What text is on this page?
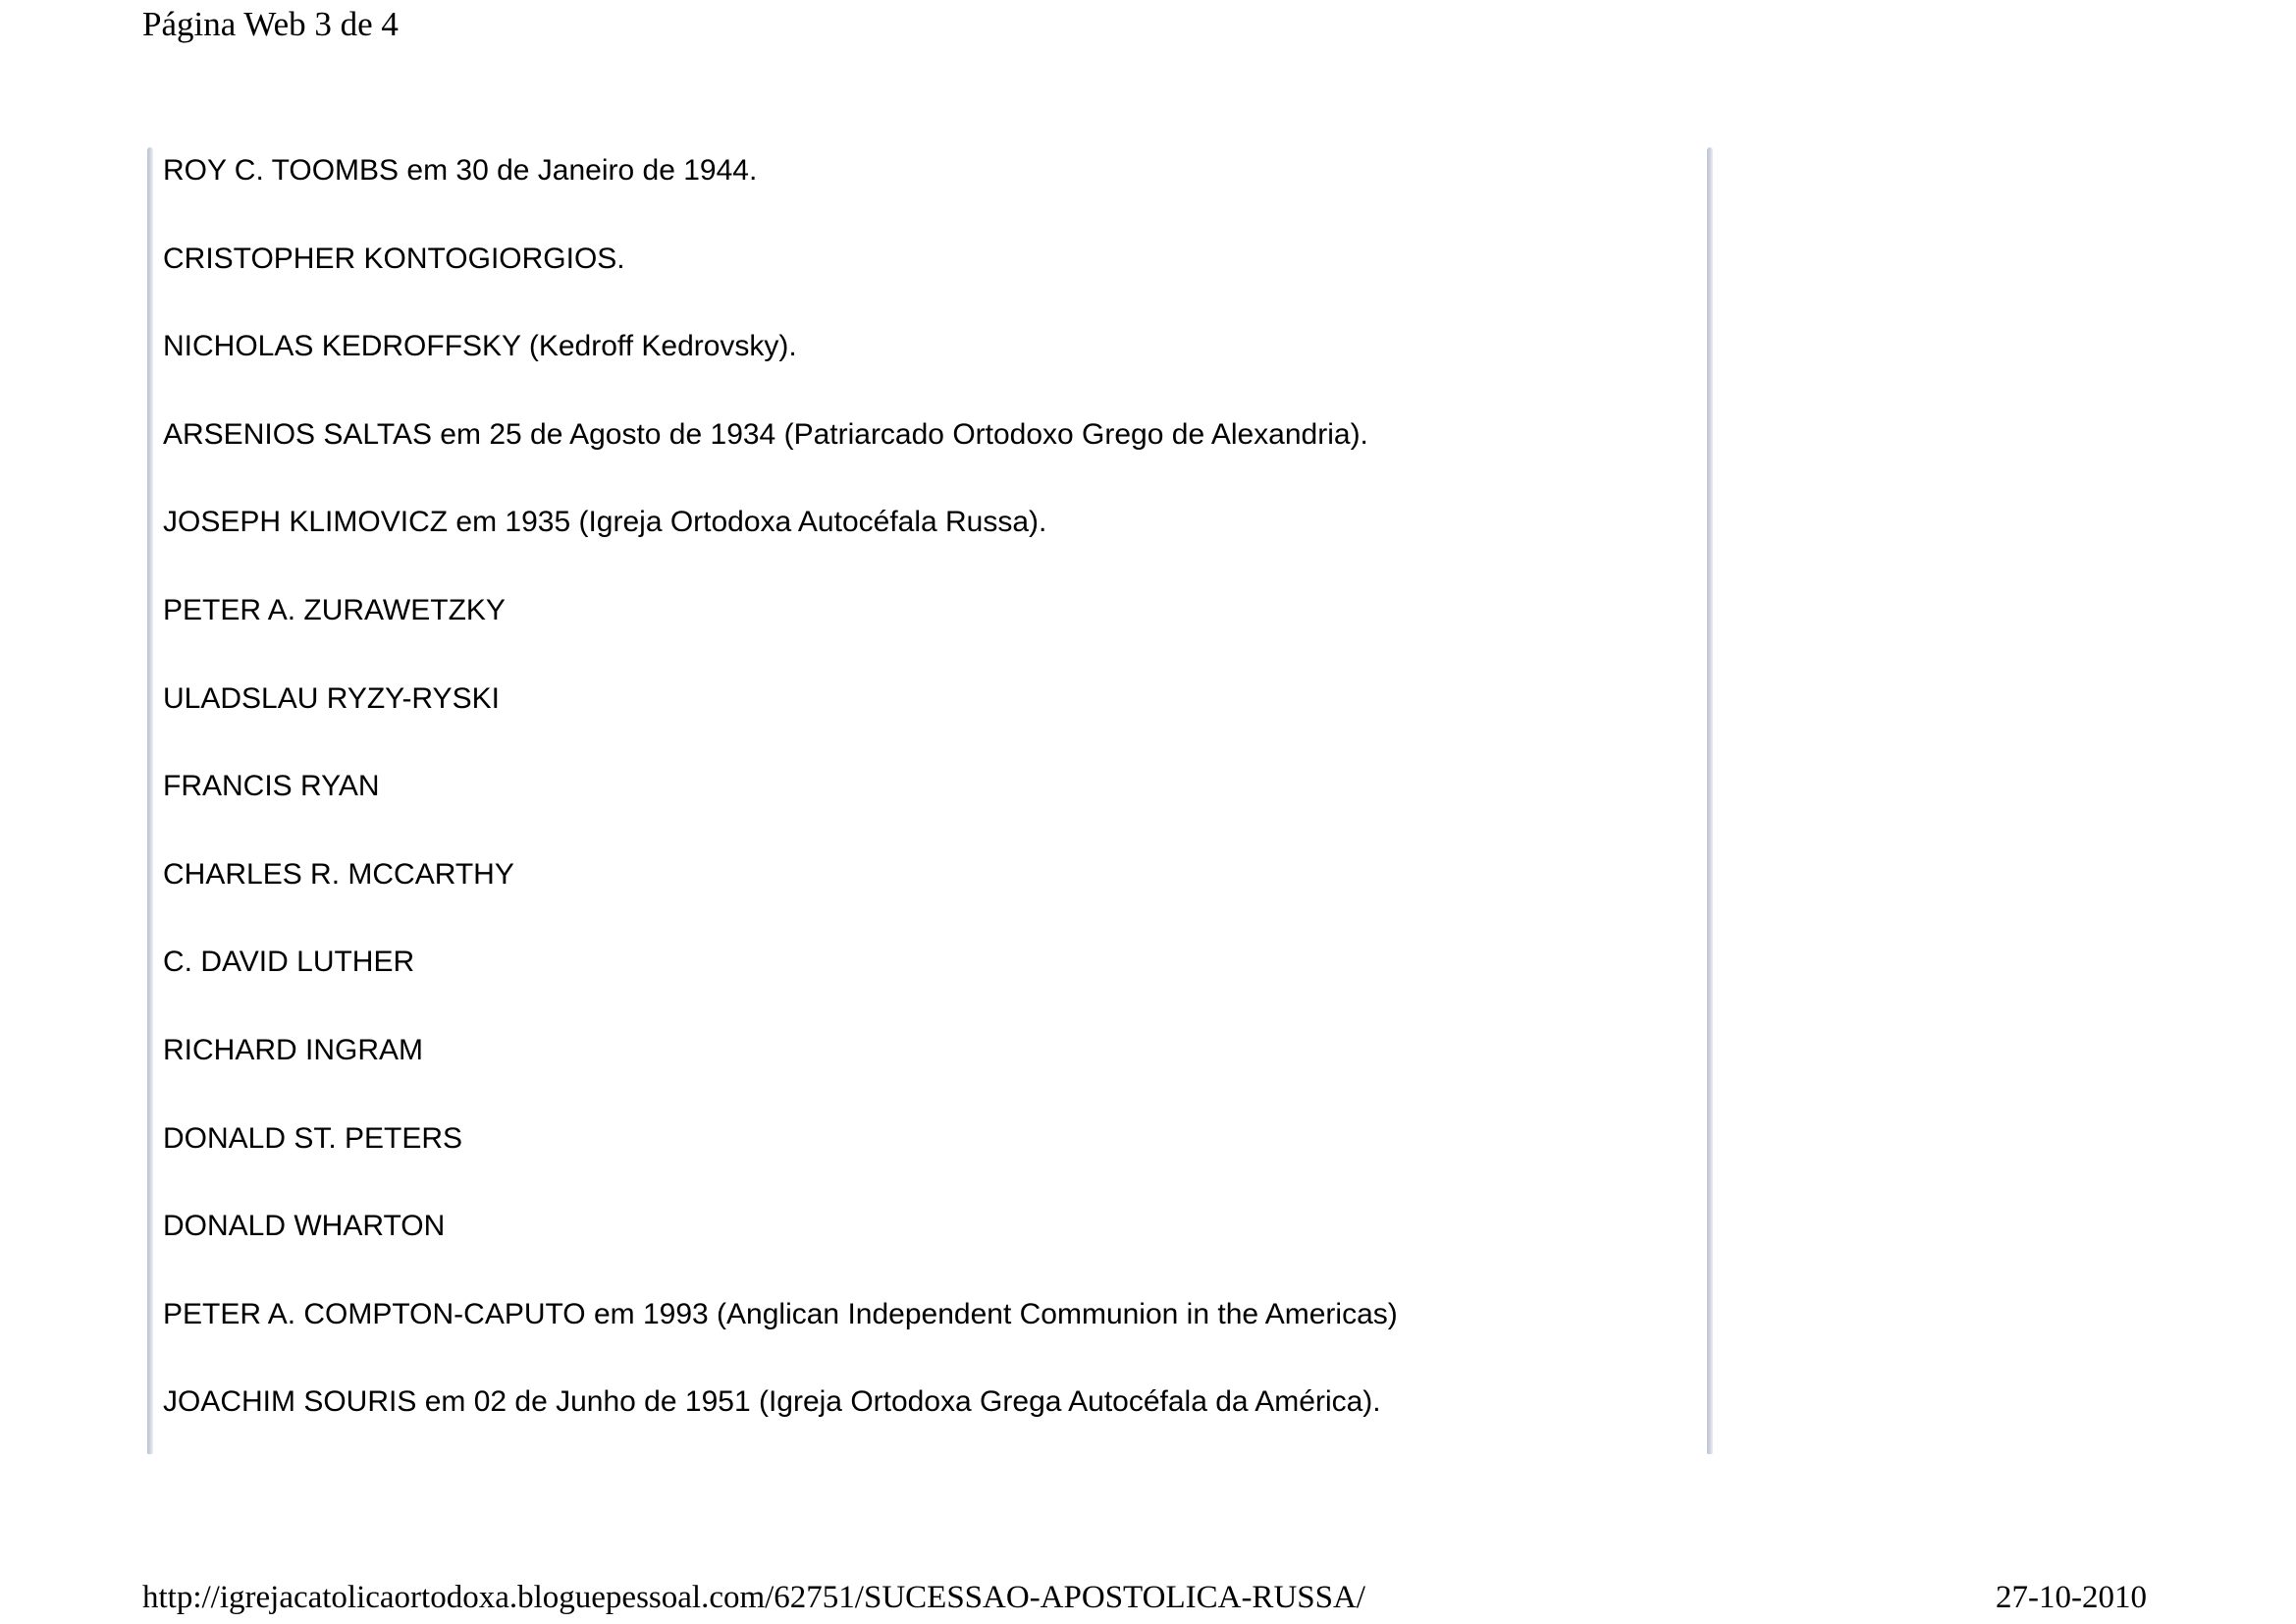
Página Web 3 de 4

ROY C. TOOMBS em 30 de Janeiro de 1944.

CRISTOPHER KONTOGIORGIOS.

NICHOLAS KEDROFFSKY (Kedroff Kedrovsky).

ARSENIOS SALTAS em 25 de Agosto de 1934 (Patriarcado Ortodoxo Grego de Alexandria).

JOSEPH KLIMOVICZ em 1935 (Igreja Ortodoxa Autocéfala Russa).

PETER A. ZURAWETZKY

ULADSLAU RYZY-RYSKI

FRANCIS RYAN

CHARLES R. MCCARTHY

C. DAVID LUTHER

RICHARD INGRAM

DONALD ST. PETERS

DONALD WHARTON

PETER A. COMPTON-CAPUTO em 1993 (Anglican Independent Communion in the Americas)

JOACHIM SOURIS em 02 de Junho de 1951 (Igreja Ortodoxa Grega Autocéfala da América).

http://igrejacatolicaortodoxa.bloguepessoal.com/62751/SUCESSAO-APOSTOLICA-RUSSA/	27-10-2010
